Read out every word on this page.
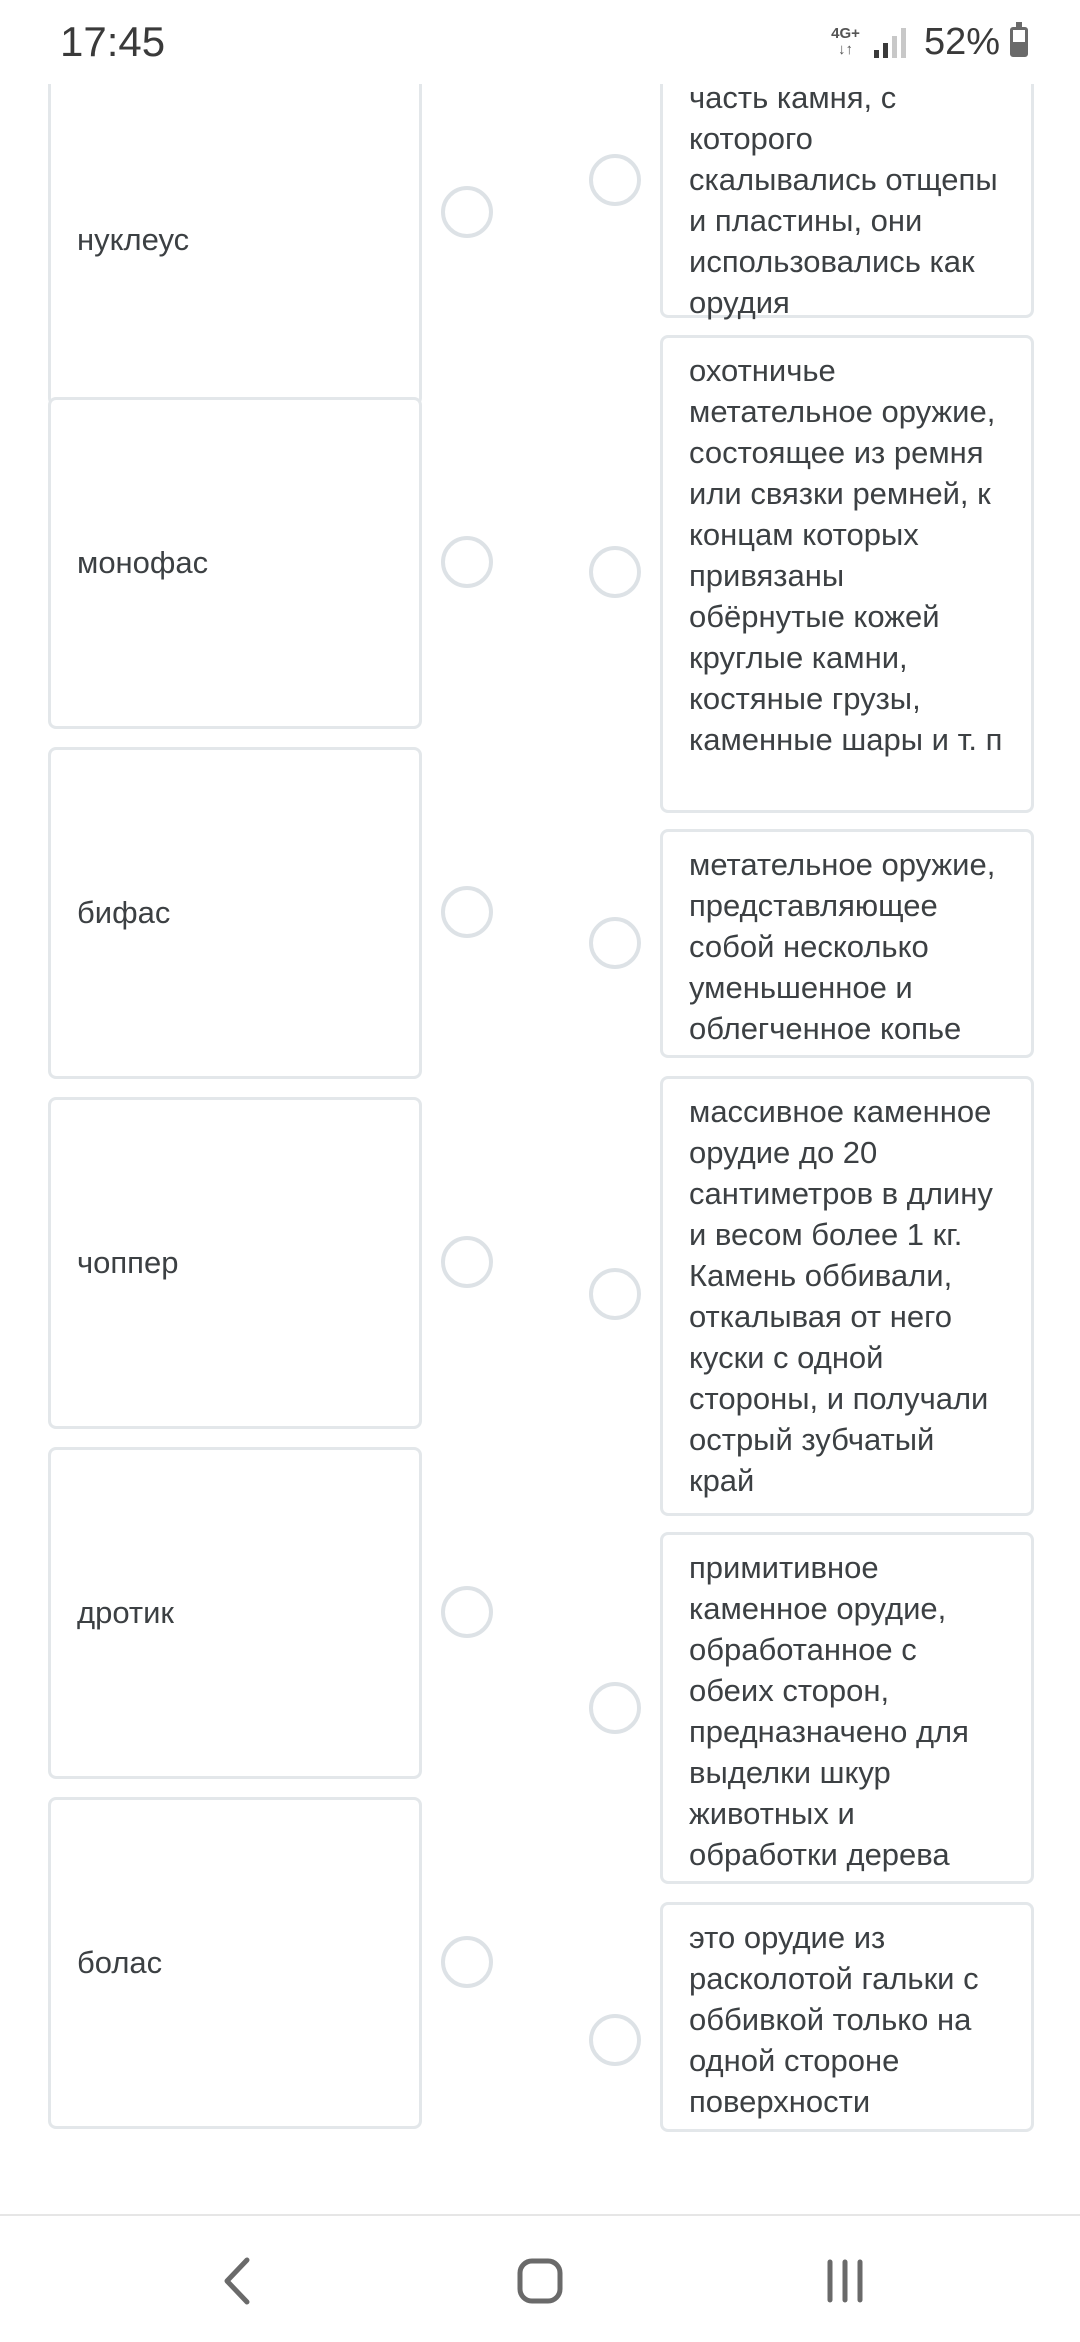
17:45	4G+
↓↑ 52%
нуклеус
монофас
бифас
чоппер
дротик
болас
часть камня, с которого скалывались отщепы и пластины, они использовались как орудия
охотничье метательное оружие, состоящее из ремня или связки ремней, к концам которых привязаны обёрнутые кожей круглые камни, костяные грузы, каменные шары и т. п
метательное оружие, представляющее собой несколько уменьшенное и облегченное копье
массивное каменное орудие до 20 сантиметров в длину и весом более 1 кг. Камень оббивали, откалывая от него куски с одной стороны, и получали острый зубчатый край
примитивное каменное орудие, обработанное с обеих сторон, предназначено для выделки шкур животных и обработки дерева
это орудие из расколотой гальки с оббивкой только на одной стороне поверхности
